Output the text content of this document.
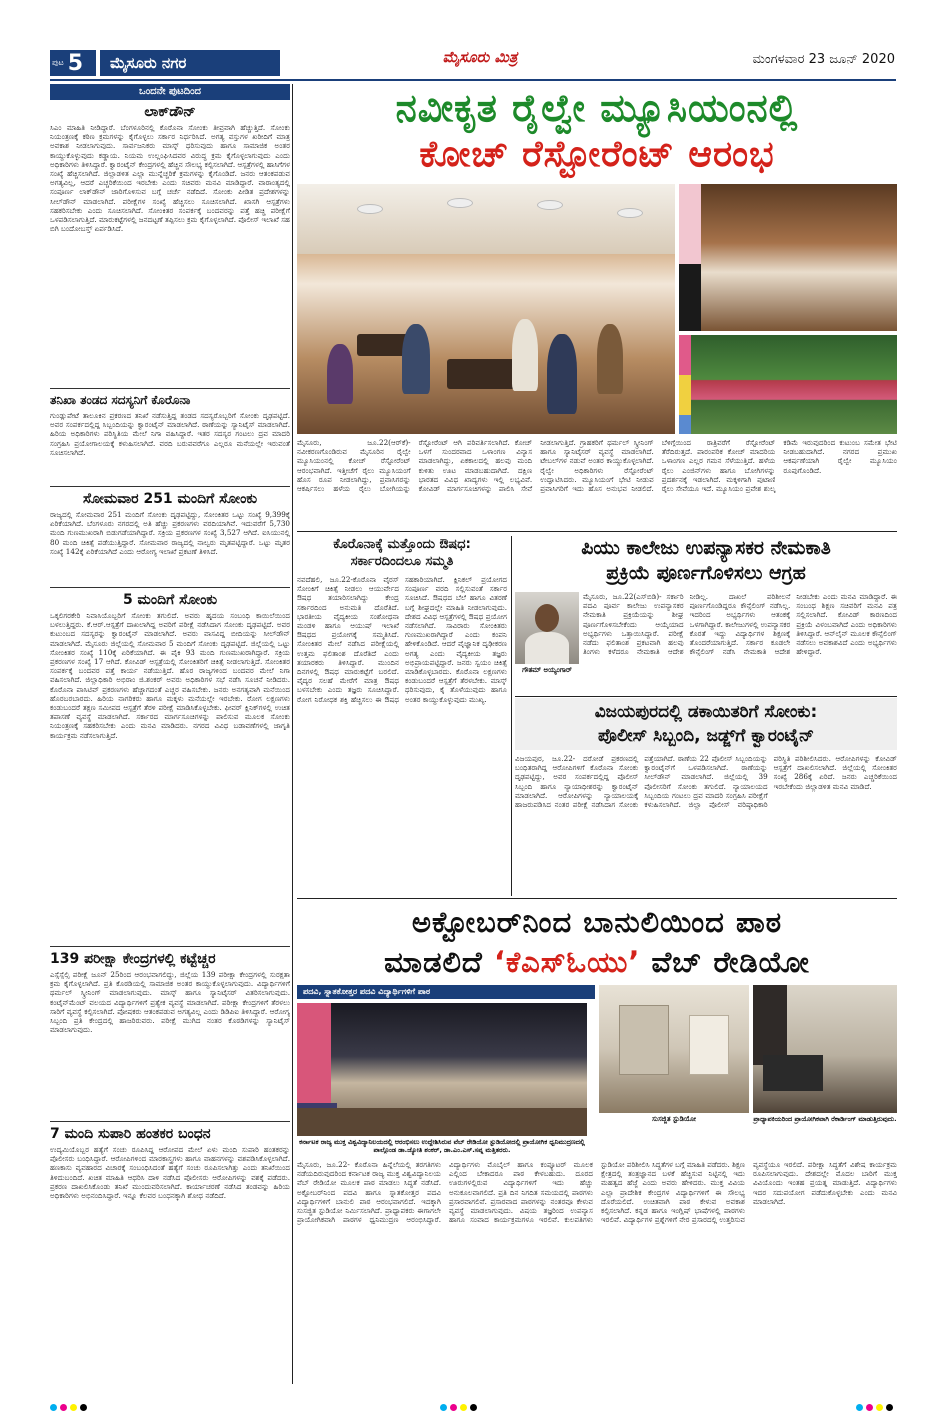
ಪುಟ 5	ಮೈಸೂರು ನಗರ	ಮೈಸೂರು ಮಿತ್ರ	ಮಂಗಳವಾರ 23 ಜೂನ್ 2020
ಒಂದನೇ ಪುಟದಿಂದ
ಲಾಕ್‌ಡೌನ್
ಸಿಎಂ ಮಾಹಿತಿ ನೀಡಿದ್ದಾರೆ. ಬೆಂಗಳೂರಿನಲ್ಲಿ ಕೊರೊನಾ ಸೋಂಕು ತೀವ್ರವಾಗಿ ಹೆಚ್ಚುತ್ತಿದೆ. ಸೋಂಕು ನಿಯಂತ್ರಣಕ್ಕೆ ಕಠಿಣ ಕ್ರಮಗಳನ್ನು ಕೈಗೊಳ್ಳಲು ಸರ್ಕಾರ ನಿರ್ಧರಿಸಿದೆ. ಅಗತ್ಯ ವಸ್ತುಗಳ ಖರೀದಿಗೆ ಮಾತ್ರ ಅವಕಾಶ ನೀಡಲಾಗುವುದು. ಸಾರ್ವಜನಿಕರು ಮಾಸ್ಕ್ ಧರಿಸುವುದು ಹಾಗೂ ಸಾಮಾಜಿಕ ಅಂತರ ಕಾಯ್ದುಕೊಳ್ಳುವುದು ಕಡ್ಡಾಯ. ನಿಯಮ ಉಲ್ಲಂಘಿಸಿದವರ ವಿರುದ್ಧ ಕ್ರಮ ಕೈಗೊಳ್ಳಲಾಗುವುದು ಎಂದು ಅಧಿಕಾರಿಗಳು ತಿಳಿಸಿದ್ದಾರೆ. ಕ್ವಾರಂಟೈನ್ ಕೇಂದ್ರಗಳಲ್ಲಿ ಹೆಚ್ಚಿನ ಸೌಲಭ್ಯ ಕಲ್ಪಿಸಲಾಗಿದೆ. ಆಸ್ಪತ್ರೆಗಳಲ್ಲಿ ಹಾಸಿಗೆಗಳ ಸಂಖ್ಯೆ ಹೆಚ್ಚಿಸಲಾಗಿದೆ. ಜಿಲ್ಲಾಡಳಿತ ಎಲ್ಲಾ ಮುನ್ನೆಚ್ಚರಿಕೆ ಕ್ರಮಗಳನ್ನು ಕೈಗೊಂಡಿದೆ. ಜನರು ಆತಂಕಪಡುವ ಅಗತ್ಯವಿಲ್ಲ, ಆದರೆ ಎಚ್ಚರಿಕೆಯಿಂದ ಇರಬೇಕು ಎಂದು ಸಚಿವರು ಮನವಿ ಮಾಡಿದ್ದಾರೆ. ವಾರಾಂತ್ಯದಲ್ಲಿ ಸಂಪೂರ್ಣ ಲಾಕ್‌ಡೌನ್ ಜಾರಿಗೊಳಿಸುವ ಬಗ್ಗೆ ಚರ್ಚೆ ನಡೆದಿದೆ. ಸೋಂಕು ಪೀಡಿತ ಪ್ರದೇಶಗಳನ್ನು ಸೀಲ್‌ಡೌನ್ ಮಾಡಲಾಗಿದೆ. ಪರೀಕ್ಷೆಗಳ ಸಂಖ್ಯೆ ಹೆಚ್ಚಿಸಲು ಸೂಚಿಸಲಾಗಿದೆ. ಖಾಸಗಿ ಆಸ್ಪತ್ರೆಗಳು ಸಹಕರಿಸಬೇಕು ಎಂದು ಸೂಚಿಸಲಾಗಿದೆ. ಸೋಂಕಿತರ ಸಂಪರ್ಕಕ್ಕೆ ಬಂದವರನ್ನು ಪತ್ತೆ ಹಚ್ಚಿ ಪರೀಕ್ಷೆಗೆ ಒಳಪಡಿಸಲಾಗುತ್ತಿದೆ. ಮಾರುಕಟ್ಟೆಗಳಲ್ಲಿ ಜನದಟ್ಟಣೆ ತಪ್ಪಿಸಲು ಕ್ರಮ ಕೈಗೊಳ್ಳಲಾಗಿದೆ. ಪೊಲೀಸ್ ಇಲಾಖೆ ಸಹ ಬಿಗಿ ಬಂದೋಬಸ್ತ್ ಏರ್ಪಡಿಸಿದೆ.
ತನಿಖಾ ತಂಡದ ಸದಸ್ಯನಿಗೆ ಕೊರೊನಾ
ಗುಂಡ್ಲುಪೇಟೆ ತಾಲೂಕಿನ ಪ್ರಕರಣದ ತನಿಖೆ ನಡೆಸುತ್ತಿದ್ದ ತಂಡದ ಸದಸ್ಯರೊಬ್ಬರಿಗೆ ಸೋಂಕು ದೃಢಪಟ್ಟಿದೆ. ಅವರ ಸಂಪರ್ಕದಲ್ಲಿದ್ದ ಸಿಬ್ಬಂದಿಯನ್ನು ಕ್ವಾರಂಟೈನ್ ಮಾಡಲಾಗಿದೆ. ಠಾಣೆಯನ್ನು ಸ್ಯಾನಿಟೈಸ್ ಮಾಡಲಾಗಿದೆ. ಹಿರಿಯ ಅಧಿಕಾರಿಗಳು ಪರಿಸ್ಥಿತಿಯ ಮೇಲೆ ನಿಗಾ ವಹಿಸಿದ್ದಾರೆ. ಇತರ ಸದಸ್ಯರ ಗಂಟಲು ದ್ರವ ಮಾದರಿ ಸಂಗ್ರಹಿಸಿ ಪ್ರಯೋಗಾಲಯಕ್ಕೆ ಕಳುಹಿಸಲಾಗಿದೆ. ವರದಿ ಬರುವವರೆಗೂ ಎಲ್ಲರೂ ಮನೆಯಲ್ಲೇ ಇರುವಂತೆ ಸೂಚಿಸಲಾಗಿದೆ.
ಸೋಮವಾರ 251 ಮಂದಿಗೆ ಸೋಂಕು
ರಾಜ್ಯದಲ್ಲಿ ಸೋಮವಾರ 251 ಮಂದಿಗೆ ಸೋಂಕು ದೃಢಪಟ್ಟಿದ್ದು, ಸೋಂಕಿತರ ಒಟ್ಟು ಸಂಖ್ಯೆ 9,399ಕ್ಕೆ ಏರಿಕೆಯಾಗಿದೆ. ಬೆಂಗಳೂರು ನಗರದಲ್ಲಿ ಅತಿ ಹೆಚ್ಚು ಪ್ರಕರಣಗಳು ವರದಿಯಾಗಿವೆ. ಇದುವರೆಗೆ 5,730 ಮಂದಿ ಗುಣಮುಖರಾಗಿ ಬಿಡುಗಡೆಯಾಗಿದ್ದಾರೆ. ಸಕ್ರಿಯ ಪ್ರಕರಣಗಳ ಸಂಖ್ಯೆ 3,527 ಆಗಿದೆ. ಐಸಿಯುನಲ್ಲಿ 80 ಮಂದಿ ಚಿಕಿತ್ಸೆ ಪಡೆಯುತ್ತಿದ್ದಾರೆ. ಸೋಮವಾರ ರಾಜ್ಯದಲ್ಲಿ ನಾಲ್ವರು ಮೃತಪಟ್ಟಿದ್ದಾರೆ. ಒಟ್ಟು ಮೃತರ ಸಂಖ್ಯೆ 142ಕ್ಕೆ ಏರಿಕೆಯಾಗಿದೆ ಎಂದು ಆರೋಗ್ಯ ಇಲಾಖೆ ಪ್ರಕಟಣೆ ತಿಳಿಸಿದೆ.
5 ಮಂದಿಗೆ ಸೋಂಕು
ಒಕ್ಕಲಿಗರಕೇರಿ ನಿವಾಸಿಯೊಬ್ಬರಿಗೆ ಸೋಂಕು ತಗುಲಿದೆ. ಅವರು ಹೃದಯ ಸಂಬಂಧಿ ಕಾಯಿಲೆಯಿಂದ ಬಳಲುತ್ತಿದ್ದರು. ಕೆ.ಆರ್.ಆಸ್ಪತ್ರೆಗೆ ದಾಖಲಾಗಿದ್ದ ಅವರಿಗೆ ಪರೀಕ್ಷೆ ನಡೆಸಿದಾಗ ಸೋಂಕು ದೃಢಪಟ್ಟಿದೆ. ಅವರ ಕುಟುಂಬದ ಸದಸ್ಯರನ್ನು ಕ್ವಾರಂಟೈನ್ ಮಾಡಲಾಗಿದೆ. ಅವರು ವಾಸವಿದ್ದ ಬೀದಿಯನ್ನು ಸೀಲ್‌ಡೌನ್ ಮಾಡಲಾಗಿದೆ. ಮೈಸೂರು ಜಿಲ್ಲೆಯಲ್ಲಿ ಸೋಮವಾರ 5 ಮಂದಿಗೆ ಸೋಂಕು ದೃಢಪಟ್ಟಿದೆ. ಜಿಲ್ಲೆಯಲ್ಲಿ ಒಟ್ಟು ಸೋಂಕಿತರ ಸಂಖ್ಯೆ 110ಕ್ಕೆ ಏರಿಕೆಯಾಗಿದೆ. ಈ ಪೈಕಿ 93 ಮಂದಿ ಗುಣಮುಖರಾಗಿದ್ದಾರೆ. ಸಕ್ರಿಯ ಪ್ರಕರಣಗಳ ಸಂಖ್ಯೆ 17 ಆಗಿದೆ. ಕೋವಿಡ್ ಆಸ್ಪತ್ರೆಯಲ್ಲಿ ಸೋಂಕಿತರಿಗೆ ಚಿಕಿತ್ಸೆ ನೀಡಲಾಗುತ್ತಿದೆ. ಸೋಂಕಿತರ ಸಂಪರ್ಕಕ್ಕೆ ಬಂದವರ ಪತ್ತೆ ಕಾರ್ಯ ನಡೆಯುತ್ತಿದೆ. ಹೊರ ರಾಜ್ಯಗಳಿಂದ ಬಂದವರ ಮೇಲೆ ನಿಗಾ ವಹಿಸಲಾಗಿದೆ. ಜಿಲ್ಲಾಧಿಕಾರಿ ಅಭಿರಾಂ ಜಿ.ಶಂಕರ್ ಅವರು ಅಧಿಕಾರಿಗಳ ಸಭೆ ನಡೆಸಿ ಸೂಚನೆ ನೀಡಿದರು. ಕೊರೊನಾ ಪಾಸಿಟಿವ್ ಪ್ರಕರಣಗಳು ಹೆಚ್ಚಾಗದಂತೆ ಎಚ್ಚರ ವಹಿಸಬೇಕು. ಜನರು ಅನಗತ್ಯವಾಗಿ ಮನೆಯಿಂದ ಹೊರಬರಬಾರದು. ಹಿರಿಯ ನಾಗರಿಕರು ಹಾಗೂ ಮಕ್ಕಳು ಮನೆಯಲ್ಲೇ ಇರಬೇಕು. ರೋಗ ಲಕ್ಷಣಗಳು ಕಂಡುಬಂದರೆ ತಕ್ಷಣ ಸಮೀಪದ ಆಸ್ಪತ್ರೆಗೆ ತೆರಳಿ ಪರೀಕ್ಷೆ ಮಾಡಿಸಿಕೊಳ್ಳಬೇಕು. ಫೀವರ್ ಕ್ಲಿನಿಕ್‌ಗಳಲ್ಲಿ ಉಚಿತ ತಪಾಸಣೆ ವ್ಯವಸ್ಥೆ ಮಾಡಲಾಗಿದೆ. ಸರ್ಕಾರದ ಮಾರ್ಗಸೂಚಿಗಳನ್ನು ಪಾಲಿಸುವ ಮೂಲಕ ಸೋಂಕು ನಿಯಂತ್ರಣಕ್ಕೆ ಸಹಕರಿಸಬೇಕು ಎಂದು ಮನವಿ ಮಾಡಿದರು. ನಗರದ ವಿವಿಧ ಬಡಾವಣೆಗಳಲ್ಲಿ ಜಾಗೃತಿ ಕಾರ್ಯಕ್ರಮ ನಡೆಸಲಾಗುತ್ತಿದೆ.
139 ಪರೀಕ್ಷಾ ಕೇಂದ್ರಗಳಲ್ಲಿ ಕಟ್ಟೆಚ್ಚರ
ಎಸ್ಸೆಸ್ಸೆಲ್ಸಿ ಪರೀಕ್ಷೆ ಜೂನ್ 25ರಿಂದ ಆರಂಭವಾಗಲಿದ್ದು, ಜಿಲ್ಲೆಯ 139 ಪರೀಕ್ಷಾ ಕೇಂದ್ರಗಳಲ್ಲಿ ಸುರಕ್ಷತಾ ಕ್ರಮ ಕೈಗೊಳ್ಳಲಾಗಿದೆ. ಪ್ರತಿ ಕೊಠಡಿಯಲ್ಲಿ ಸಾಮಾಜಿಕ ಅಂತರ ಕಾಯ್ದುಕೊಳ್ಳಲಾಗುವುದು. ವಿದ್ಯಾರ್ಥಿಗಳಿಗೆ ಥರ್ಮಲ್ ಸ್ಕ್ರೀನಿಂಗ್ ಮಾಡಲಾಗುವುದು. ಮಾಸ್ಕ್ ಹಾಗೂ ಸ್ಯಾನಿಟೈಸರ್ ವಿತರಿಸಲಾಗುವುದು. ಕಂಟೈನ್‌ಮೆಂಟ್ ವಲಯದ ವಿದ್ಯಾರ್ಥಿಗಳಿಗೆ ಪ್ರತ್ಯೇಕ ವ್ಯವಸ್ಥೆ ಮಾಡಲಾಗಿದೆ. ಪರೀಕ್ಷಾ ಕೇಂದ್ರಗಳಿಗೆ ತೆರಳಲು ಸಾರಿಗೆ ವ್ಯವಸ್ಥೆ ಕಲ್ಪಿಸಲಾಗಿದೆ. ಪೋಷಕರು ಆತಂಕಪಡುವ ಅಗತ್ಯವಿಲ್ಲ ಎಂದು ಡಿಡಿಪಿಐ ತಿಳಿಸಿದ್ದಾರೆ. ಆರೋಗ್ಯ ಸಿಬ್ಬಂದಿ ಪ್ರತಿ ಕೇಂದ್ರದಲ್ಲಿ ಹಾಜರಿರುವರು. ಪರೀಕ್ಷೆ ಮುಗಿದ ನಂತರ ಕೊಠಡಿಗಳನ್ನು ಸ್ಯಾನಿಟೈಸ್ ಮಾಡಲಾಗುವುದು.
7 ಮಂದಿ ಸುಪಾರಿ ಹಂತಕರ ಬಂಧನ
ಉದ್ಯಮಿಯೊಬ್ಬರ ಹತ್ಯೆಗೆ ಸಂಚು ರೂಪಿಸಿದ್ದ ಆರೋಪದ ಮೇಲೆ ಏಳು ಮಂದಿ ಸುಪಾರಿ ಹಂತಕರನ್ನು ಪೊಲೀಸರು ಬಂಧಿಸಿದ್ದಾರೆ. ಆರೋಪಿಗಳಿಂದ ಮಾರಕಾಸ್ತ್ರಗಳು ಹಾಗೂ ವಾಹನಗಳನ್ನು ವಶಪಡಿಸಿಕೊಳ್ಳಲಾಗಿದೆ. ಹಣಕಾಸು ವ್ಯವಹಾರದ ವಿಚಾರಕ್ಕೆ ಸಂಬಂಧಿಸಿದಂತೆ ಹತ್ಯೆಗೆ ಸಂಚು ರೂಪಿಸಲಾಗಿತ್ತು ಎಂದು ತನಿಖೆಯಿಂದ ತಿಳಿದುಬಂದಿದೆ. ಖಚಿತ ಮಾಹಿತಿ ಆಧರಿಸಿ ದಾಳಿ ನಡೆಸಿದ ಪೊಲೀಸರು ಆರೋಪಿಗಳನ್ನು ವಶಕ್ಕೆ ಪಡೆದರು. ಪ್ರಕರಣ ದಾಖಲಿಸಿಕೊಂಡು ತನಿಖೆ ಮುಂದುವರಿಸಲಾಗಿದೆ. ಕಾರ್ಯಾಚರಣೆ ನಡೆಸಿದ ತಂಡವನ್ನು ಹಿರಿಯ ಅಧಿಕಾರಿಗಳು ಅಭಿನಂದಿಸಿದ್ದಾರೆ. ಇನ್ನೂ ಕೆಲವರ ಬಂಧನಕ್ಕಾಗಿ ಶೋಧ ನಡೆದಿದೆ.
ನವೀಕೃತ ರೈಲ್ವೇ ಮ್ಯೂಸಿಯಂನಲ್ಲಿ
ಕೋಚ್ ರೆಸ್ಟೋರೆಂಟ್ ಆರಂಭ
ಮೈಸೂರು, ಜೂ.22(ಆರ್‌ಕೆ)- ನವೀಕರಣಗೊಂಡಿರುವ ಮೈಸೂರಿನ ರೈಲ್ವೇ ಮ್ಯೂಸಿಯಂನಲ್ಲಿ ಕೋಚ್ ರೆಸ್ಟೋರೆಂಟ್ ಆರಂಭವಾಗಿದೆ. ಇತ್ತೀಚೆಗೆ ರೈಲು ಮ್ಯೂಸಿಯಂಗೆ ಹೊಸ ರೂಪ ನೀಡಲಾಗಿದ್ದು, ಪ್ರವಾಸಿಗರನ್ನು ಆಕರ್ಷಿಸಲು ಹಳೆಯ ರೈಲು ಬೋಗಿಯನ್ನು ರೆಸ್ಟೋರೆಂಟ್ ಆಗಿ ಪರಿವರ್ತಿಸಲಾಗಿದೆ. ಕೋಚ್ ಒಳಗೆ ಸುಂದರವಾದ ಒಳಾಂಗಣ ವಿನ್ಯಾಸ ಮಾಡಲಾಗಿದ್ದು, ಏಕಕಾಲದಲ್ಲಿ ಹಲವು ಮಂದಿ ಕುಳಿತು ಊಟ ಮಾಡಬಹುದಾಗಿದೆ. ದಕ್ಷಿಣ ಭಾರತದ ವಿವಿಧ ಖಾದ್ಯಗಳು ಇಲ್ಲಿ ಲಭ್ಯವಿವೆ. ಕೋವಿಡ್ ಮಾರ್ಗಸೂಚಿಗಳನ್ನು ಪಾಲಿಸಿ ಸೇವೆ ನೀಡಲಾಗುತ್ತಿದೆ. ಗ್ರಾಹಕರಿಗೆ ಥರ್ಮಲ್ ಸ್ಕ್ರೀನಿಂಗ್ ಹಾಗೂ ಸ್ಯಾನಿಟೈಸರ್ ವ್ಯವಸ್ಥೆ ಮಾಡಲಾಗಿದೆ. ಟೇಬಲ್‌ಗಳ ನಡುವೆ ಅಂತರ ಕಾಯ್ದುಕೊಳ್ಳಲಾಗಿದೆ. ರೈಲ್ವೇ ಅಧಿಕಾರಿಗಳು ರೆಸ್ಟೋರೆಂಟ್ ಉದ್ಘಾಟಿಸಿದರು. ಮ್ಯೂಸಿಯಂಗೆ ಭೇಟಿ ನೀಡುವ ಪ್ರವಾಸಿಗರಿಗೆ ಇದು ಹೊಸ ಅನುಭವ ನೀಡಲಿದೆ. ಬೆಳಿಗ್ಗೆಯಿಂದ ರಾತ್ರಿವರೆಗೆ ರೆಸ್ಟೋರೆಂಟ್ ತೆರೆದಿರುತ್ತದೆ. ಪಾರಂಪರಿಕ ಕೋಚ್ ಮಾದರಿಯ ಒಳಾಂಗಣ ಎಲ್ಲರ ಗಮನ ಸೆಳೆಯುತ್ತಿದೆ. ಹಳೆಯ ರೈಲು ಎಂಜಿನ್‌ಗಳು ಹಾಗೂ ಬೋಗಿಗಳನ್ನು ಪ್ರದರ್ಶನಕ್ಕೆ ಇಡಲಾಗಿದೆ. ಮಕ್ಕಳಿಗಾಗಿ ಪುಟಾಣಿ ರೈಲು ಸೇವೆಯೂ ಇದೆ. ಮ್ಯೂಸಿಯಂ ಪ್ರವೇಶ ಶುಲ್ಕ ಕಡಿಮೆ ಇರುವುದರಿಂದ ಕುಟುಂಬ ಸಮೇತ ಭೇಟಿ ನೀಡಬಹುದಾಗಿದೆ. ನಗರದ ಪ್ರಮುಖ ಆಕರ್ಷಣೆಯಾಗಿ ರೈಲ್ವೇ ಮ್ಯೂಸಿಯಂ ರೂಪುಗೊಂಡಿದೆ.
ಕೊರೊನಾಕ್ಕೆ ಮತ್ತೊಂದು ಔಷಧ:
ಸರ್ಕಾರದಿಂದಲೂ ಸಮ್ಮತಿ
ನವದೆಹಲಿ, ಜೂ.22-ಕೊರೊನಾ ವೈರಸ್ ಸೋಂಕಿಗೆ ಚಿಕಿತ್ಸೆ ನೀಡಲು ಆಯುರ್ವೇದ ಔಷಧ ತಯಾರಿಸಲಾಗಿದ್ದು ಕೇಂದ್ರ ಸರ್ಕಾರದಿಂದ ಅನುಮತಿ ದೊರೆತಿದೆ. ಭಾರತೀಯ ವೈದ್ಯಕೀಯ ಸಂಶೋಧನಾ ಮಂಡಳಿ ಹಾಗೂ ಆಯುಷ್ ಇಲಾಖೆ ಔಷಧದ ಪ್ರಯೋಗಕ್ಕೆ ಸಮ್ಮತಿಸಿದೆ. ಸೋಂಕಿತರ ಮೇಲೆ ನಡೆಸಿದ ಪರೀಕ್ಷೆಯಲ್ಲಿ ಉತ್ತಮ ಫಲಿತಾಂಶ ದೊರೆತಿದೆ ಎಂದು ತಯಾರಕರು ತಿಳಿಸಿದ್ದಾರೆ. ಮುಂದಿನ ದಿನಗಳಲ್ಲಿ ಔಷಧ ಮಾರುಕಟ್ಟೆಗೆ ಬರಲಿದೆ. ವೈದ್ಯರ ಸಲಹೆ ಮೇರೆಗೆ ಮಾತ್ರ ಔಷಧ ಬಳಸಬೇಕು ಎಂದು ತಜ್ಞರು ಸೂಚಿಸಿದ್ದಾರೆ. ರೋಗ ನಿರೋಧಕ ಶಕ್ತಿ ಹೆಚ್ಚಿಸಲು ಈ ಔಷಧ ಸಹಕಾರಿಯಾಗಿದೆ. ಕ್ಲಿನಿಕಲ್ ಪ್ರಯೋಗದ ಸಂಪೂರ್ಣ ವರದಿ ಸಲ್ಲಿಸುವಂತೆ ಸರ್ಕಾರ ಸೂಚಿಸಿದೆ. ಔಷಧದ ಬೆಲೆ ಹಾಗೂ ವಿತರಣೆ ಬಗ್ಗೆ ಶೀಘ್ರದಲ್ಲೇ ಮಾಹಿತಿ ನೀಡಲಾಗುವುದು. ದೇಶದ ವಿವಿಧ ಆಸ್ಪತ್ರೆಗಳಲ್ಲಿ ಔಷಧ ಪ್ರಯೋಗ ನಡೆಸಲಾಗಿದೆ. ಸಾವಿರಾರು ಸೋಂಕಿತರು ಗುಣಮುಖರಾಗಿದ್ದಾರೆ ಎಂದು ಕಂಪನಿ ಹೇಳಿಕೊಂಡಿದೆ. ಆದರೆ ವೈಜ್ಞಾನಿಕ ದೃಢೀಕರಣ ಅಗತ್ಯ ಎಂದು ವೈದ್ಯಕೀಯ ತಜ್ಞರು ಅಭಿಪ್ರಾಯಪಟ್ಟಿದ್ದಾರೆ. ಜನರು ಸ್ವಯಂ ಚಿಕಿತ್ಸೆ ಮಾಡಿಕೊಳ್ಳಬಾರದು. ಕೊರೊನಾ ಲಕ್ಷಣಗಳು ಕಂಡುಬಂದರೆ ಆಸ್ಪತ್ರೆಗೆ ತೆರಳಬೇಕು. ಮಾಸ್ಕ್ ಧರಿಸುವುದು, ಕೈ ತೊಳೆಯುವುದು ಹಾಗೂ ಅಂತರ ಕಾಯ್ದುಕೊಳ್ಳುವುದು ಮುಖ್ಯ.
ಪಿಯು ಕಾಲೇಜು ಉಪನ್ಯಾಸಕರ ನೇಮಕಾತಿ
ಪ್ರಕ್ರಿಯೆ ಪೂರ್ಣಗೊಳಿಸಲು ಆಗ್ರಹ
ಗೌತಮ್ ಅಯ್ಯಂಗಾರ್
ಮೈಸೂರು, ಜೂ.22(ಎಸ್‌ಬಿಡಿ)- ಸರ್ಕಾರಿ ಪದವಿ ಪೂರ್ವ ಕಾಲೇಜು ಉಪನ್ಯಾಸಕರ ನೇಮಕಾತಿ ಪ್ರಕ್ರಿಯೆಯನ್ನು ಶೀಘ್ರ ಪೂರ್ಣಗೊಳಿಸಬೇಕೆಂದು ಆಯ್ಕೆಯಾದ ಅಭ್ಯರ್ಥಿಗಳು ಒತ್ತಾಯಿಸಿದ್ದಾರೆ. ಪರೀಕ್ಷೆ ನಡೆದು ಫಲಿತಾಂಶ ಪ್ರಕಟವಾಗಿ ಹಲವು ತಿಂಗಳು ಕಳೆದರೂ ನೇಮಕಾತಿ ಆದೇಶ ನೀಡಿಲ್ಲ. ದಾಖಲೆ ಪರಿಶೀಲನೆ ಪೂರ್ಣಗೊಂಡಿದ್ದರೂ ಕೌನ್ಸೆಲಿಂಗ್ ನಡೆಸಿಲ್ಲ. ಇದರಿಂದ ಅಭ್ಯರ್ಥಿಗಳು ಆತಂಕಕ್ಕೆ ಒಳಗಾಗಿದ್ದಾರೆ. ಕಾಲೇಜುಗಳಲ್ಲಿ ಉಪನ್ಯಾಸಕರ ಕೊರತೆ ಇದ್ದು ವಿದ್ಯಾರ್ಥಿಗಳ ಶಿಕ್ಷಣಕ್ಕೆ ತೊಂದರೆಯಾಗುತ್ತಿದೆ. ಸರ್ಕಾರ ಕೂಡಲೇ ಕೌನ್ಸೆಲಿಂಗ್ ನಡೆಸಿ ನೇಮಕಾತಿ ಆದೇಶ ನೀಡಬೇಕು ಎಂದು ಮನವಿ ಮಾಡಿದ್ದಾರೆ. ಈ ಸಂಬಂಧ ಶಿಕ್ಷಣ ಸಚಿವರಿಗೆ ಮನವಿ ಪತ್ರ ಸಲ್ಲಿಸಲಾಗಿದೆ. ಕೋವಿಡ್ ಕಾರಣದಿಂದ ಪ್ರಕ್ರಿಯೆ ವಿಳಂಬವಾಗಿದೆ ಎಂದು ಅಧಿಕಾರಿಗಳು ತಿಳಿಸಿದ್ದಾರೆ. ಆನ್‌ಲೈನ್ ಮೂಲಕ ಕೌನ್ಸೆಲಿಂಗ್ ನಡೆಸಲು ಅವಕಾಶವಿದೆ ಎಂದು ಅಭ್ಯರ್ಥಿಗಳು ಹೇಳಿದ್ದಾರೆ.
ವಿಜಯಪುರದಲ್ಲಿ ಡಕಾಯಿತರಿಗೆ ಸೋಂಕು:
ಪೊಲೀಸ್ ಸಿಬ್ಬಂದಿ, ಜಡ್ಜ್‌ಗೆ ಕ್ವಾರಂಟೈನ್
ವಿಜಯಪುರ, ಜೂ.22- ದರೋಡೆ ಪ್ರಕರಣದಲ್ಲಿ ಬಂಧಿತರಾಗಿದ್ದ ಆರೋಪಿಗಳಿಗೆ ಕೊರೊನಾ ಸೋಂಕು ದೃಢಪಟ್ಟಿದ್ದು, ಅವರ ಸಂಪರ್ಕದಲ್ಲಿದ್ದ ಪೊಲೀಸ್ ಸಿಬ್ಬಂದಿ ಹಾಗೂ ನ್ಯಾಯಾಧೀಶರನ್ನು ಕ್ವಾರಂಟೈನ್ ಮಾಡಲಾಗಿದೆ. ಆರೋಪಿಗಳನ್ನು ನ್ಯಾಯಾಲಯಕ್ಕೆ ಹಾಜರುಪಡಿಸಿದ ನಂತರ ಪರೀಕ್ಷೆ ನಡೆಸಿದಾಗ ಸೋಂಕು ಪತ್ತೆಯಾಗಿದೆ. ಠಾಣೆಯ 22 ಪೊಲೀಸ್ ಸಿಬ್ಬಂದಿಯನ್ನು ಕ್ವಾರಂಟೈನ್‌ಗೆ ಒಳಪಡಿಸಲಾಗಿದೆ. ಠಾಣೆಯನ್ನು ಸೀಲ್‌ಡೌನ್ ಮಾಡಲಾಗಿದೆ. ಜಿಲ್ಲೆಯಲ್ಲಿ 39 ಪೊಲೀಸರಿಗೆ ಸೋಂಕು ತಗುಲಿದೆ. ನ್ಯಾಯಾಲಯದ ಸಿಬ್ಬಂದಿಯ ಗಂಟಲು ದ್ರವ ಮಾದರಿ ಸಂಗ್ರಹಿಸಿ ಪರೀಕ್ಷೆಗೆ ಕಳುಹಿಸಲಾಗಿದೆ. ಜಿಲ್ಲಾ ಪೊಲೀಸ್ ವರಿಷ್ಠಾಧಿಕಾರಿ ಪರಿಸ್ಥಿತಿ ಪರಿಶೀಲಿಸಿದರು. ಆರೋಪಿಗಳನ್ನು ಕೋವಿಡ್ ಆಸ್ಪತ್ರೆಗೆ ದಾಖಲಿಸಲಾಗಿದೆ. ಜಿಲ್ಲೆಯಲ್ಲಿ ಸೋಂಕಿತರ ಸಂಖ್ಯೆ 286ಕ್ಕೆ ಏರಿದೆ. ಜನರು ಎಚ್ಚರಿಕೆಯಿಂದ ಇರಬೇಕೆಂದು ಜಿಲ್ಲಾಡಳಿತ ಮನವಿ ಮಾಡಿದೆ.
ಅಕ್ಟೋಬರ್‌ನಿಂದ ಬಾನುಲಿಯಿಂದ ಪಾಠ
ಮಾಡಲಿದೆ ‘ಕೆಎಸ್‌ಓಯು’ ವೆಬ್ ರೇಡಿಯೋ
ಪದವಿ, ಸ್ನಾತಕೋತ್ತರ ಪದವಿ ವಿದ್ಯಾರ್ಥಿಗಳಿಗೆ ಪಾಠ
ಕರ್ನಾಟಕ ರಾಜ್ಯ ಮುಕ್ತ ವಿಶ್ವವಿದ್ಯಾನಿಲಯದಲ್ಲಿ ಆರಂಭಿಸಲು ಉದ್ದೇಶಿಸಿರುವ ವೆಬ್ ರೇಡಿಯೋ ಸ್ಟುಡಿಯೋದಲ್ಲಿ ಪ್ರಾಯೋಗಿಕ ಧ್ವನಿಮುದ್ರಣದಲ್ಲಿ ಪಾಲ್ಗೊಂಡ ಡಾ.ಜ್ಯೋತಿ ಶಂಕರ್, ಡಾ.ಎಂ.ಎಸ್.ಸಪ್ನ ಮತ್ತಿತರರು.
ಸುಸಜ್ಜಿತ ಸ್ಟುಡಿಯೋ	ಪ್ರಾಧ್ಯಾಪಕಿಯರಿಂದ ಪ್ರಾಯೋಗಿಕವಾಗಿ ರೆಕಾರ್ಡಿಂಗ್ ಮಾಡುತ್ತಿರುವುದು.
ಮೈಸೂರು, ಜೂ.22- ಕೊರೊನಾ ಹಿನ್ನೆಲೆಯಲ್ಲಿ ತರಗತಿಗಳು ನಡೆಯದಿರುವುದರಿಂದ ಕರ್ನಾಟಕ ರಾಜ್ಯ ಮುಕ್ತ ವಿಶ್ವವಿದ್ಯಾನಿಲಯ ವೆಬ್ ರೇಡಿಯೋ ಮೂಲಕ ಪಾಠ ಮಾಡಲು ಸಿದ್ಧತೆ ನಡೆಸಿದೆ. ಅಕ್ಟೋಬರ್‌ನಿಂದ ಪದವಿ ಹಾಗೂ ಸ್ನಾತಕೋತ್ತರ ಪದವಿ ವಿದ್ಯಾರ್ಥಿಗಳಿಗೆ ಬಾನುಲಿ ಪಾಠ ಆರಂಭವಾಗಲಿದೆ. ಇದಕ್ಕಾಗಿ ಸುಸಜ್ಜಿತ ಸ್ಟುಡಿಯೋ ನಿರ್ಮಿಸಲಾಗಿದೆ. ಪ್ರಾಧ್ಯಾಪಕರು ಈಗಾಗಲೇ ಪ್ರಾಯೋಗಿಕವಾಗಿ ಪಾಠಗಳ ಧ್ವನಿಮುದ್ರಣ ಆರಂಭಿಸಿದ್ದಾರೆ. ವಿದ್ಯಾರ್ಥಿಗಳು ಮೊಬೈಲ್ ಹಾಗೂ ಕಂಪ್ಯೂಟರ್ ಮೂಲಕ ಎಲ್ಲಿಂದ ಬೇಕಾದರೂ ಪಾಠ ಕೇಳಬಹುದು. ದೂರದ ಊರುಗಳಲ್ಲಿರುವ ವಿದ್ಯಾರ್ಥಿಗಳಿಗೆ ಇದು ಹೆಚ್ಚು ಅನುಕೂಲವಾಗಲಿದೆ. ಪ್ರತಿ ದಿನ ನಿಗದಿತ ಸಮಯದಲ್ಲಿ ಪಾಠಗಳು ಪ್ರಸಾರವಾಗಲಿವೆ. ಪ್ರಸಾರವಾದ ಪಾಠಗಳನ್ನು ನಂತರವೂ ಕೇಳುವ ವ್ಯವಸ್ಥೆ ಮಾಡಲಾಗುವುದು. ವಿಷಯ ತಜ್ಞರಿಂದ ಉಪನ್ಯಾಸ ಹಾಗೂ ಸಂವಾದ ಕಾರ್ಯಕ್ರಮಗಳೂ ಇರಲಿವೆ. ಕುಲಪತಿಗಳು ಸ್ಟುಡಿಯೋ ಪರಿಶೀಲಿಸಿ ಸಿದ್ಧತೆಗಳ ಬಗ್ಗೆ ಮಾಹಿತಿ ಪಡೆದರು. ಶಿಕ್ಷಣ ಕ್ಷೇತ್ರದಲ್ಲಿ ತಂತ್ರಜ್ಞಾನದ ಬಳಕೆ ಹೆಚ್ಚಿಸುವ ನಿಟ್ಟಿನಲ್ಲಿ ಇದು ಮಹತ್ವದ ಹೆಜ್ಜೆ ಎಂದು ಅವರು ಹೇಳಿದರು. ಮುಕ್ತ ವಿವಿಯ ಎಲ್ಲಾ ಪ್ರಾದೇಶಿಕ ಕೇಂದ್ರಗಳ ವಿದ್ಯಾರ್ಥಿಗಳಿಗೆ ಈ ಸೌಲಭ್ಯ ದೊರೆಯಲಿದೆ. ಉಚಿತವಾಗಿ ಪಾಠ ಕೇಳುವ ಅವಕಾಶ ಕಲ್ಪಿಸಲಾಗಿದೆ. ಕನ್ನಡ ಹಾಗೂ ಇಂಗ್ಲಿಷ್ ಭಾಷೆಗಳಲ್ಲಿ ಪಾಠಗಳು ಇರಲಿವೆ. ವಿದ್ಯಾರ್ಥಿಗಳ ಪ್ರಶ್ನೆಗಳಿಗೆ ನೇರ ಪ್ರಸಾರದಲ್ಲಿ ಉತ್ತರಿಸುವ ವ್ಯವಸ್ಥೆಯೂ ಇರಲಿದೆ. ಪರೀಕ್ಷಾ ಸಿದ್ಧತೆಗೆ ವಿಶೇಷ ಕಾರ್ಯಕ್ರಮ ರೂಪಿಸಲಾಗುವುದು. ದೇಶದಲ್ಲೇ ಮೊದಲ ಬಾರಿಗೆ ಮುಕ್ತ ವಿವಿಯೊಂದು ಇಂತಹ ಪ್ರಯತ್ನ ಮಾಡುತ್ತಿದೆ. ವಿದ್ಯಾರ್ಥಿಗಳು ಇದರ ಸದುಪಯೋಗ ಪಡೆದುಕೊಳ್ಳಬೇಕು ಎಂದು ಮನವಿ ಮಾಡಲಾಗಿದೆ.
